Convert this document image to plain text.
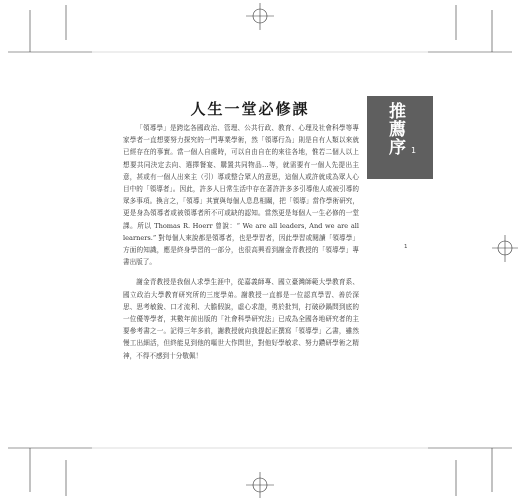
人生一堂必修課

「領導學」是跨迄各國政治、管理、公共行政、教育、心理及社會科學等專家學者一直想要努力探究的一門專業學術，然「領導行為」則是自有人類以來就已經存在的事實。當一個人自處時，可以自由自在的來往各地，惟若二個人以上想要共同決定去向、選擇餐宴、購置共同物品…等，就需要有一個人先提出主意，甚或有一個人出來主（引）導或整合眾人的意思，這個人或許就成為眾人心目中的「領導者」。因此，許多人日常生活中存在著許許多多引導他人或被引導的眾多事項。換言之，「領導」其實與每個人息息相關，把「領導」當作學術研究，更是身為領導者或被領導者所不可或缺的認知。當然更是每個人一生必修的一堂課。所以 Thomas R. Hoerr 曾說：“ We are all leaders, And we are all learners.” 對每個人來說都是領導者，也是學習者，因此學習或閱讀「領導學」方面的知識，應是終身學習的一部分，也很高興看到謝金青教授的「領導學」專書出版了。

謝金青教授是我個人求學生涯中，從嘉義師專、國立臺灣師範大學教育系、國立政治大學教育研究所的三度學弟。謝教授一直都是一位認真學習、善於深思、思考敏銳、口才流利、大膽假說，虛心求證，勇於批判，打破砂鍋問到底的一位優等學者，其數年前出版的「社會科學研究法」已成為全國各地研究者的主要參考書之一。記得三年多前，謝教授就向我提起正撰寫「領導學」乙書，雖然慢工出細活，但終能見到他的嘔世大作問世，對他好學敏求、努力鑽研學術之精神，不得不感到十分敬佩！

推薦序 1
1
